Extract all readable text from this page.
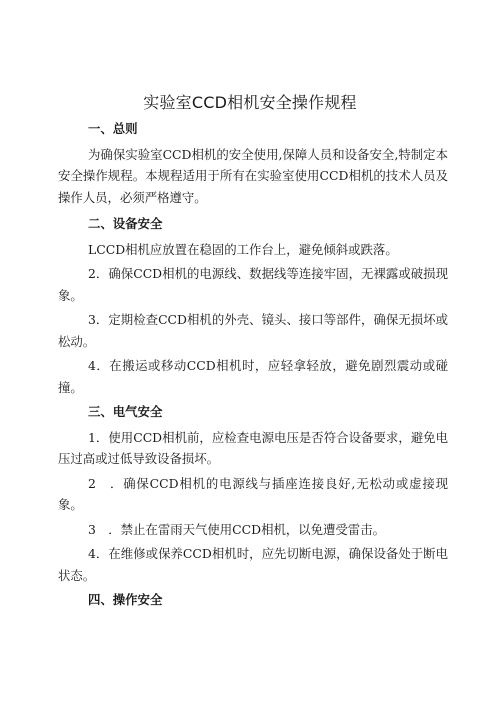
实验室CCD相机安全操作规程
一、总则

为确保实验室CCD相机的安全使用,保障人员和设备安全,特制定本安全操作规程。本规程适用于所有在实验室使用CCD相机的技术人员及操作人员，必须严格遵守。

二、设备安全

LCCD相机应放置在稳固的工作台上，避免倾斜或跌落。

2．确保CCD相机的电源线、数据线等连接牢固，无裸露或破损现象。

3．定期检查CCD相机的外壳、镜头、接口等部件，确保无损坏或松动。

4．在搬运或移动CCD相机时，应轻拿轻放，避免剧烈震动或碰撞。

三、电气安全

1．使用CCD相机前，应检查电源电压是否符合设备要求，避免电压过高或过低导致设备损坏。

2　．确保CCD相机的电源线与插座连接良好,无松动或虚接现象。

3　．禁止在雷雨天气使用CCD相机，以免遭受雷击。

4．在维修或保养CCD相机时，应先切断电源，确保设备处于断电状态。

四、操作安全
